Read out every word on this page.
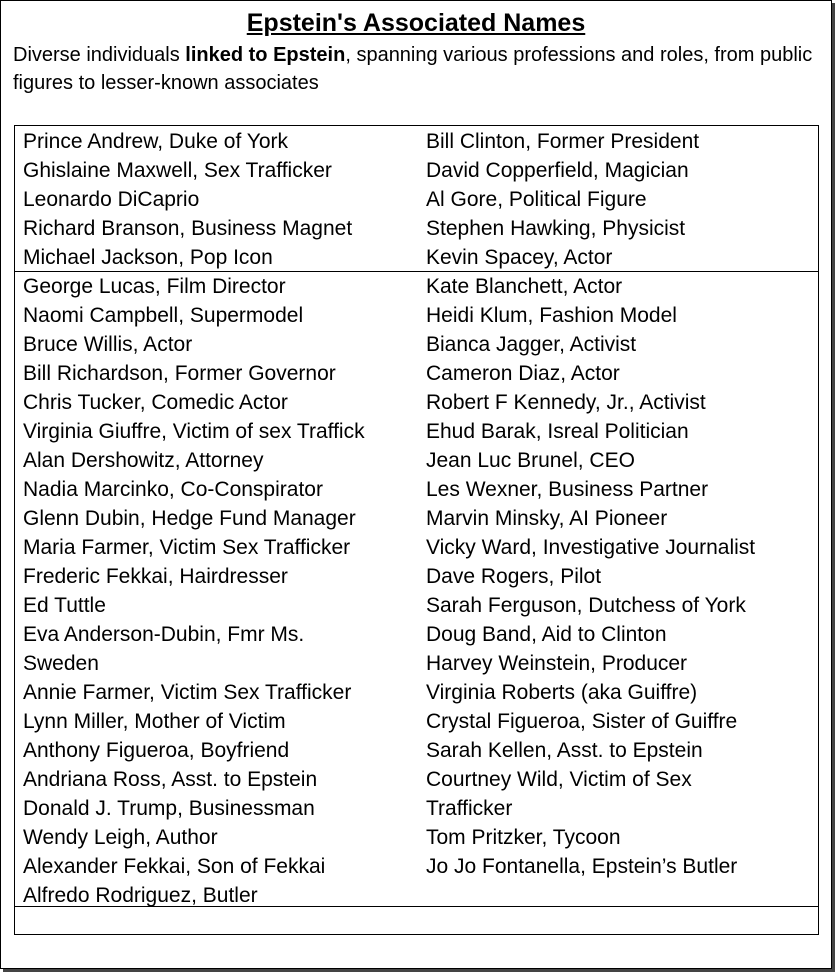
Epstein's Associated Names
Diverse individuals linked to Epstein, spanning various professions and roles, from public figures to lesser-known associates
Prince Andrew, Duke of York
Ghislaine Maxwell, Sex Trafficker
Leonardo DiCaprio
Richard Branson, Business Magnet
Michael Jackson, Pop Icon
George Lucas, Film Director
Naomi Campbell, Supermodel
Bruce Willis, Actor
Bill Richardson, Former Governor
Chris Tucker, Comedic Actor
Virginia Giuffre, Victim of sex Traffick
Alan Dershowitz, Attorney
Nadia Marcinko, Co-Conspirator
Glenn Dubin, Hedge Fund Manager
Maria Farmer, Victim Sex Trafficker
Frederic Fekkai, Hairdresser
Ed Tuttle
Eva Anderson-Dubin, Fmr Ms.
Sweden
Annie Farmer, Victim Sex Trafficker
Lynn Miller, Mother of Victim
Anthony Figueroa, Boyfriend
Andriana Ross, Asst. to Epstein
Donald J. Trump, Businessman
Wendy Leigh, Author
Alexander Fekkai, Son of Fekkai
Alfredo Rodriguez, Butler
Bill Clinton, Former President
David Copperfield, Magician
Al Gore, Political Figure
Stephen Hawking, Physicist
Kevin Spacey, Actor
Kate Blanchett, Actor
Heidi Klum, Fashion Model
Bianca Jagger, Activist
Cameron Diaz, Actor
Robert F Kennedy, Jr., Activist
Ehud Barak, Isreal Politician
Jean Luc Brunel, CEO
Les Wexner, Business Partner
Marvin Minsky, AI Pioneer
Vicky Ward, Investigative Journalist
Dave Rogers, Pilot
Sarah Ferguson, Dutchess of York
Doug Band, Aid to Clinton
Harvey Weinstein, Producer
Virginia Roberts (aka Guiffre)
Crystal Figueroa, Sister of Guiffre
Sarah Kellen, Asst. to Epstein
Courtney Wild, Victim of Sex
Trafficker
Tom Pritzker, Tycoon
Jo Jo Fontanella, Epstein’s Butler
